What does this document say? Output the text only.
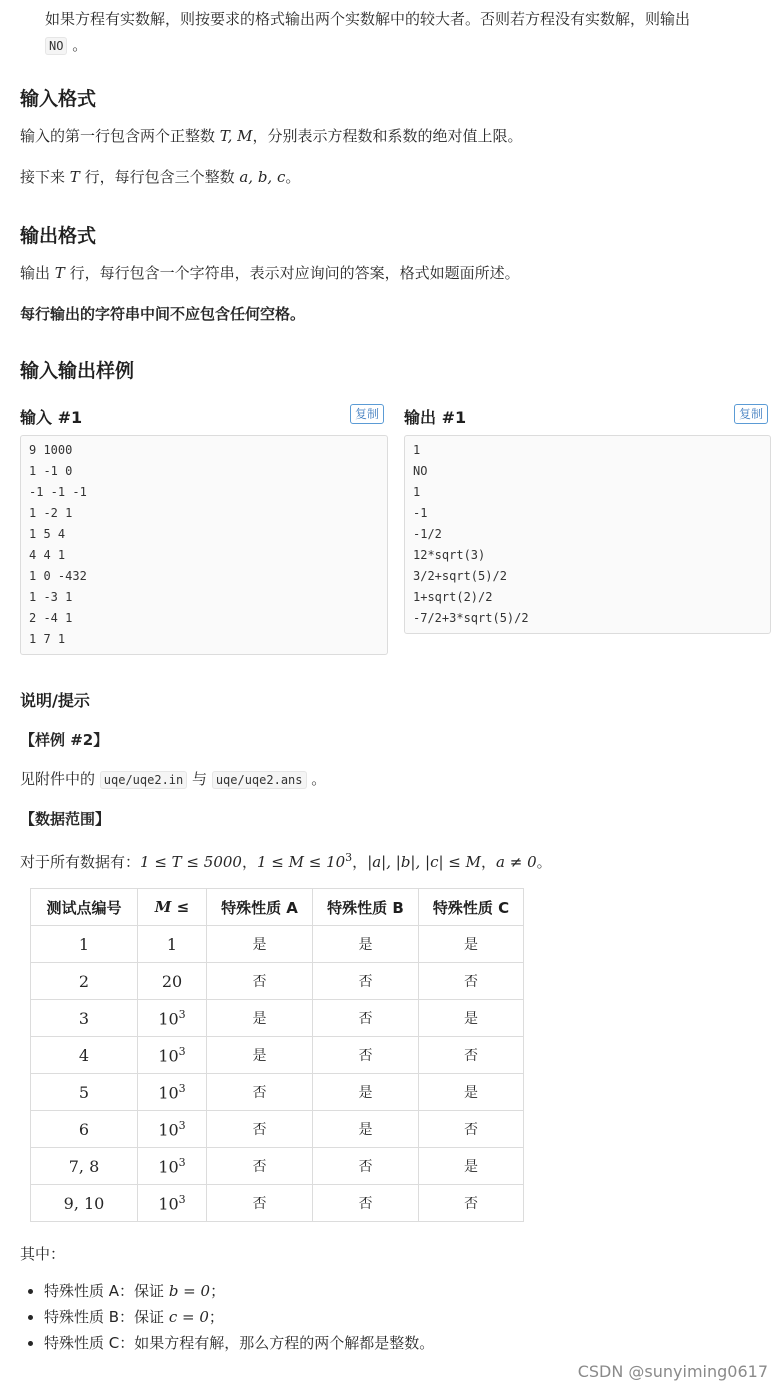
如果方程有实数解，则按要求的格式输出两个实数解中的较大者。否则若方程没有实数解，则输出
NO 。
输入格式
输入的第一行包含两个正整数 T, M，分别表示方程数和系数的绝对值上限。
接下来 T 行，每行包含三个整数 a, b, c。
输出格式
输出 T 行，每行包含一个字符串，表示对应询问的答案，格式如题面所述。
每行输出的字符串中间不应包含任何空格。
输入输出样例
输入 #1	复制
9 1000
1 -1 0
-1 -1 -1
1 -2 1
1 5 4
4 4 1
1 0 -432
1 -3 1
2 -4 1
1 7 1
输出 #1	复制
1
NO
1
-1
-1/2
12*sqrt(3)
3/2+sqrt(5)/2
1+sqrt(2)/2
-7/2+3*sqrt(5)/2
说明/提示
【样例 #2】
见附件中的 uqe/uqe2.in 与 uqe/uqe2.ans 。
【数据范围】
对于所有数据有：1 ≤ T ≤ 5000，$1 \le M \le 10^3$，|a|, |b|, |c| ≤ M，a ≠ 0。
测试点编号	M ≤	特殊性质 A	特殊性质 B	特殊性质 C
1	1	是	是	是
2	20	否	否	否
3	$10^3$	是	否	是
4	$10^3$	是	否	否
5	$10^3$	否	是	是
6	$10^3$	否	是	否
7, 8	$10^3$	否	否	是
9, 10	$10^3$	否	否	否
其中：
• 特殊性质 A：保证 b = 0；
• 特殊性质 B：保证 c = 0；
• 特殊性质 C：如果方程有解，那么方程的两个解都是整数。
CSDN @sunyiming0617
